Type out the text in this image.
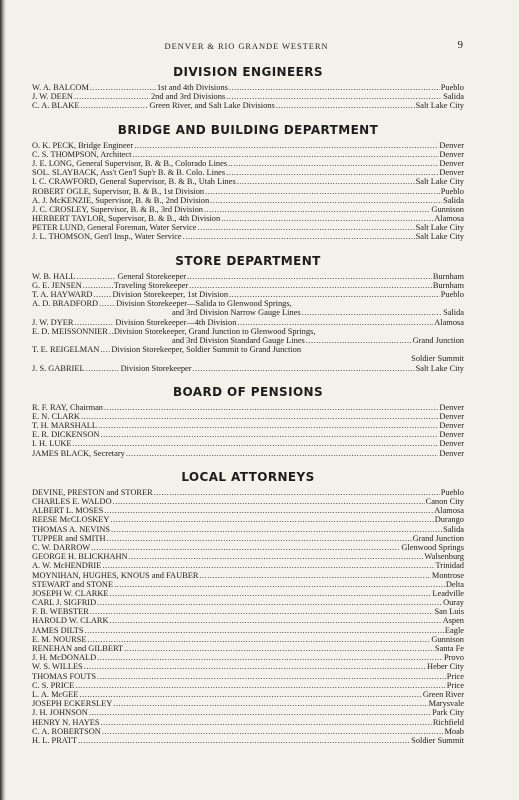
DENVER & RIO GRANDE WESTERN	9
DIVISION ENGINEERS
W. A. BALCOM .....	1st and 4th Divisions .....	Pueblo
J. W. DEEN .....	2nd and 3rd Divisions .....	Salida
C. A. BLAKE .....	Green River, and Salt Lake Divisions .....	Salt Lake City
BRIDGE AND BUILDING DEPARTMENT
O. K. PECK, Bridge Engineer .....	Denver
C. S. THOMPSON, Architect .....	Denver
J. E. LONG, General Supervisor, B. & B., Colorado Lines .....	Denver
SOL. SLAYBACK, Ass't Gen'l Sup'r B. & B. Colo. Lines .....	Denver
I. C. CRAWFORD, General Supervisor, B. & B., Utah Lines .....	Salt Lake City
ROBERT OGLE, Supervisor, B. & B., 1st Division .....	Pueblo
A. J. McKENZIE, Supervisor, B. & B., 2nd Division .....	Salida
J. C. CROSLEY, Supervisor, B. & B., 3rd Division .....	Gunnison
HERBERT TAYLOR, Supervisor, B. & B., 4th Division .....	Alamosa
PETER LUND, General Foreman, Water Service .....	Salt Lake City
J. L. THOMSON, Gen'l Insp., Water Service .....	Salt Lake City
STORE DEPARTMENT
W. B. HALL .....	General Storekeeper .....	Burnham
G. E. JENSEN .....	Traveling Storekeeper .....	Burnham
T. A. HAYWARD ..... Division Storekeeper, 1st Division .....	Pueblo
A. D. BRADFORD ..... Division Storekeeper—Salida to Glenwood Springs,
and 3rd Division Narrow Gauge Lines .....	Salida
J. W. DYER .....	Division Storekeeper—4th Division .....	Alamosa
E. D. MEISSONNIER ..... Division Storekeeper, Grand Junction to Glenwood Springs,
and 3rd Division Standard Gauge Lines .....	Grand Junction
T. E. REIGELMAN ..... Division Storekeeper, Soldier Summit to Grand Junction
Soldier Summit
J. S. GABRIEL .....	Division Storekeeper .....	Salt Lake City
BOARD OF PENSIONS
R. F. RAY, Chairman .....	Denver
E. N. CLARK .....	Denver
T. H. MARSHALL .....	Denver
E. R. DICKENSON .....	Denver
I. H. LUKE .....	Denver
JAMES BLACK, Secretary .....	Denver
LOCAL ATTORNEYS
DEVINE, PRESTON and STORER .....	Pueblo
CHARLES E. WALDO .....	Canon City
ALBERT L. MOSES .....	Alamosa
REESE McCLOSKEY .....	Durango
THOMAS A. NEVINS .....	Salida
TUPPER and SMITH .....	Grand Junction
C. W. DARROW .....	Glenwood Springs
GEORGE H. BLICKHAHN .....	Walsenburg
A. W. McHENDRIE .....	Trinidad
MOYNIHAN, HUGHES, KNOUS and FAUBER .....	Montrose
STEWART and STONE .....	Delta
JOSEPH W. CLARKE .....	Leadville
CARL J. SIGFRID .....	Ouray
F. B. WEBSTER .....	San Luis
HAROLD W. CLARK .....	Aspen
JAMES DILTS .....	Eagle
E. M. NOURSE .....	Gunnison
RENEHAN and GILBERT .....	Santa Fe
J. H. McDONALD .....	Provo
W. S. WILLES .....	Heber City
THOMAS FOUTS .....	Price
C. S. PRICE .....	Price
L. A. McGEE .....	Green River
JOSEPH ECKERSLEY .....	Marysvale
J. H. JOHNSON .....	Park City
HENRY N. HAYES .....	Richfield
C. A. ROBERTSON .....	Moab
H. L. PRATT .....	Soldier Summit
